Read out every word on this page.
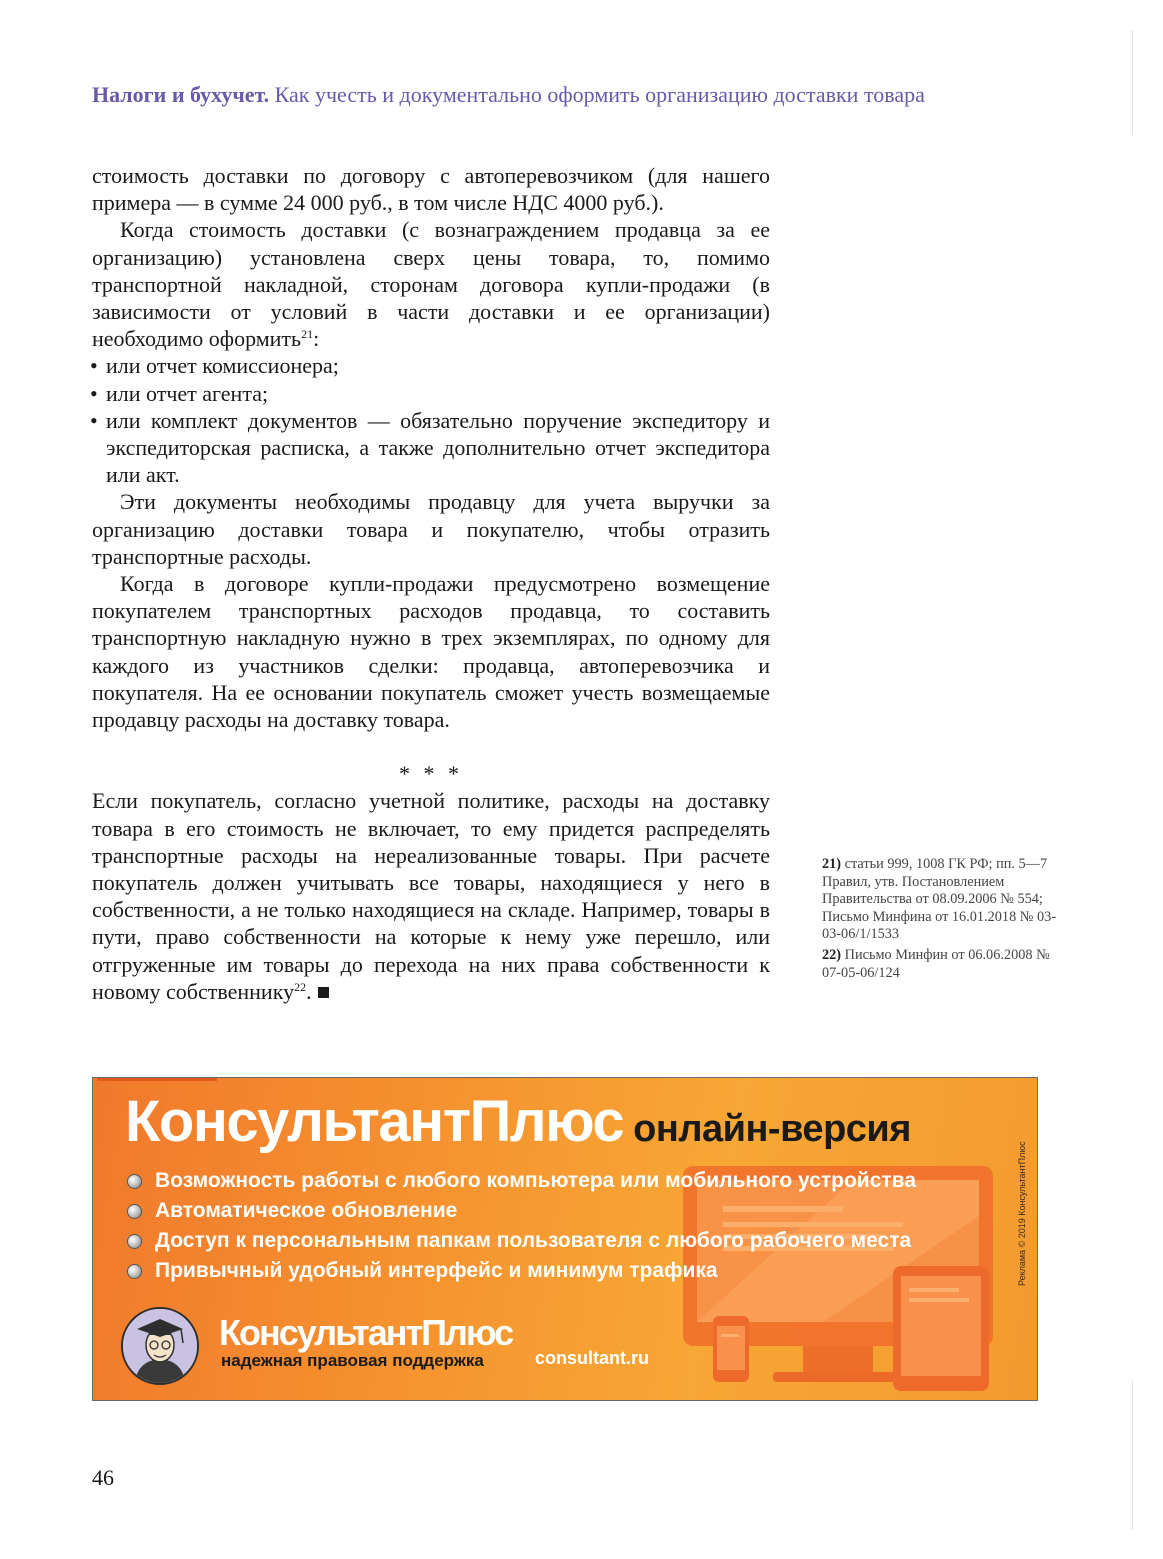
Налоги и бухучет. Как учесть и документально оформить организацию доставки товара

стоимость доставки по договору с автоперевозчиком (для нашего примера — в сумме 24 000 руб., в том числе НДС 4000 руб.).

Когда стоимость доставки (с вознаграждением продавца за ее организацию) установлена сверх цены товара, то, помимо транспортной накладной, сторонам договора купли-продажи (в зависимости от условий в части доставки и ее организации) необходимо оформить$^{21}$:

• или отчет комиссионера;
• или отчет агента;
• или комплект документов — обязательно поручение экспедитору и экспедиторская расписка, а также дополнительно отчет экспедитора или акт.

Эти документы необходимы продавцу для учета выручки за организацию доставки товара и покупателю, чтобы отразить транспортные расходы.

Когда в договоре купли-продажи предусмотрено возмещение покупателем транспортных расходов продавца, то составить транспортную накладную нужно в трех экземплярах, по одному для каждого из участников сделки: продавца, автоперевозчика и покупателя. На ее основании покупатель сможет учесть возмещаемые продавцу расходы на доставку товара.

* * *

Если покупатель, согласно учетной политике, расходы на доставку товара в его стоимость не включает, то ему придется распределять транспортные расходы на нереализованные товары. При расчете покупатель должен учитывать все товары, находящиеся у него в собственности, а не только находящиеся на складе. Например, товары в пути, право собственности на которые к нему уже перешло, или отгруженные им товары до перехода на них права собственности к новому собственнику$^{22}$.

21) статьи 999, 1008 ГК РФ; пп. 5—7 Правил, утв. Постановлением Правительства от 08.09.2006 № 554; Письмо Минфина от 16.01.2018 № 03-03-06/1/1533

22) Письмо Минфин от 06.06.2008 № 07-05-06/124

КонсультантПлюс онлайн-версия
Возможность работы с любого компьютера или мобильного устройства
Автоматическое обновление
Доступ к персональным папкам пользователя с любого рабочего места
Привычный удобный интерфейс и минимум трафика
КонсультантПлюс
надежная правовая поддержка	consultant.ru
Реклама © 2019 КонсультантПлюс
46
